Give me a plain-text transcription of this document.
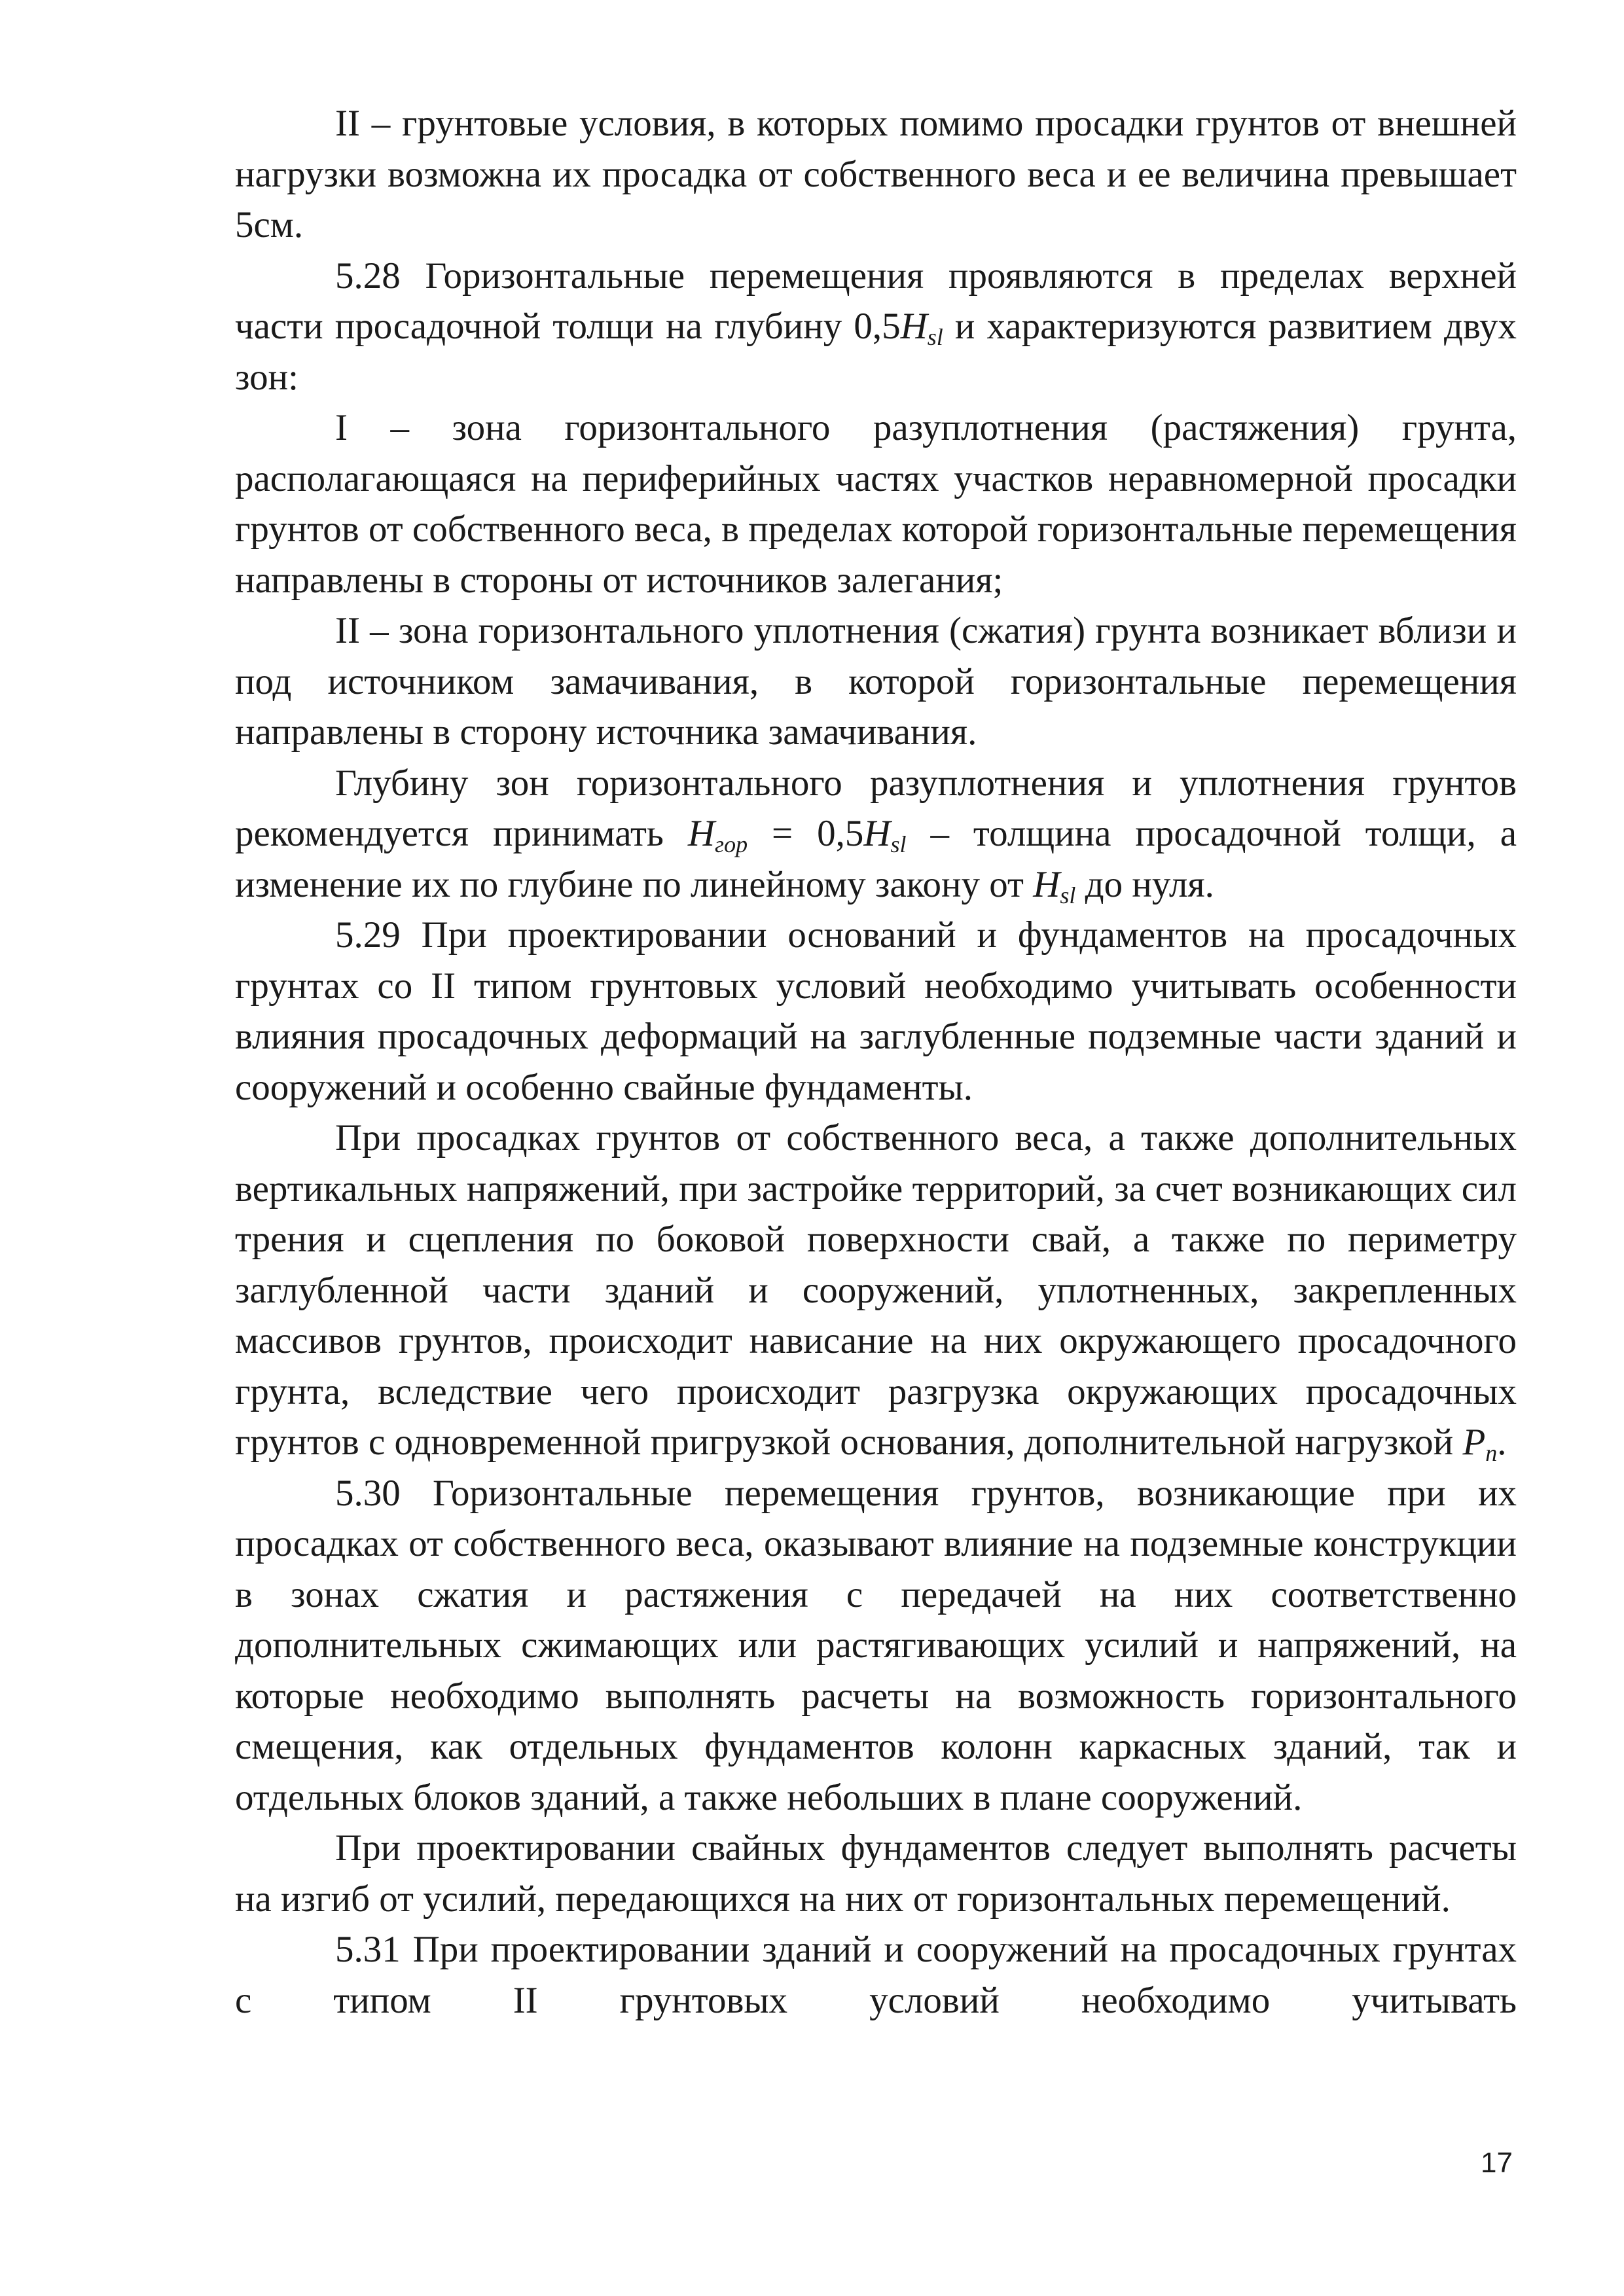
II – грунтовые условия, в которых помимо просадки грунтов от внешней нагрузки возможна их просадка от собственного веса и ее величина превышает 5см.

5.28 Горизонтальные перемещения проявляются в пределах верхней части просадочной толщи на глубину $0,5H_{sl}$ и характеризуются развитием двух зон:

I – зона горизонтального разуплотнения (растяжения) грунта, располагающаяся на периферийных частях участков неравномерной просадки грунтов от собственного веса, в пределах которой горизонтальные перемещения направлены в стороны от источников залегания;

II – зона горизонтального уплотнения (сжатия) грунта возникает вблизи и под источником замачивания, в которой горизонтальные перемещения направлены в сторону источника замачивания.

Глубину зон горизонтального разуплотнения и уплотнения грунтов рекомендуется принимать $H_{гор} = 0,5H_{sl}$ – толщина просадочной толщи, а изменение их по глубине по линейному закону от $H_{sl}$ до нуля.

5.29 При проектировании оснований и фундаментов на просадочных грунтах со II типом грунтовых условий необходимо учитывать особенности влияния просадочных деформаций на заглубленные подземные части зданий и сооружений и особенно свайные фундаменты.

При просадках грунтов от собственного веса, а также дополнительных вертикальных напряжений, при застройке территорий, за счет возникающих сил трения и сцепления по боковой поверхности свай, а также по периметру заглубленной части зданий и сооружений, уплотненных, закрепленных массивов грунтов, происходит нависание на них окружающего просадочного грунта, вследствие чего происходит разгрузка окружающих просадочных грунтов с одновременной пригрузкой основания, дополнительной нагрузкой $P_n$.

5.30 Горизонтальные перемещения грунтов, возникающие при их просадках от собственного веса, оказывают влияние на подземные конструкции в зонах сжатия и растяжения с передачей на них соответственно дополнительных сжимающих или растягивающих усилий и напряжений, на которые необходимо выполнять расчеты на возможность горизонтального смещения, как отдельных фундаментов колонн каркасных зданий, так и отдельных блоков зданий, а также небольших в плане сооружений.

При проектировании свайных фундаментов следует выполнять расчеты на изгиб от усилий, передающихся на них от горизонтальных перемещений.

5.31 При проектировании зданий и сооружений на просадочных грунтах с типом II грунтовых условий необходимо учитывать

17
